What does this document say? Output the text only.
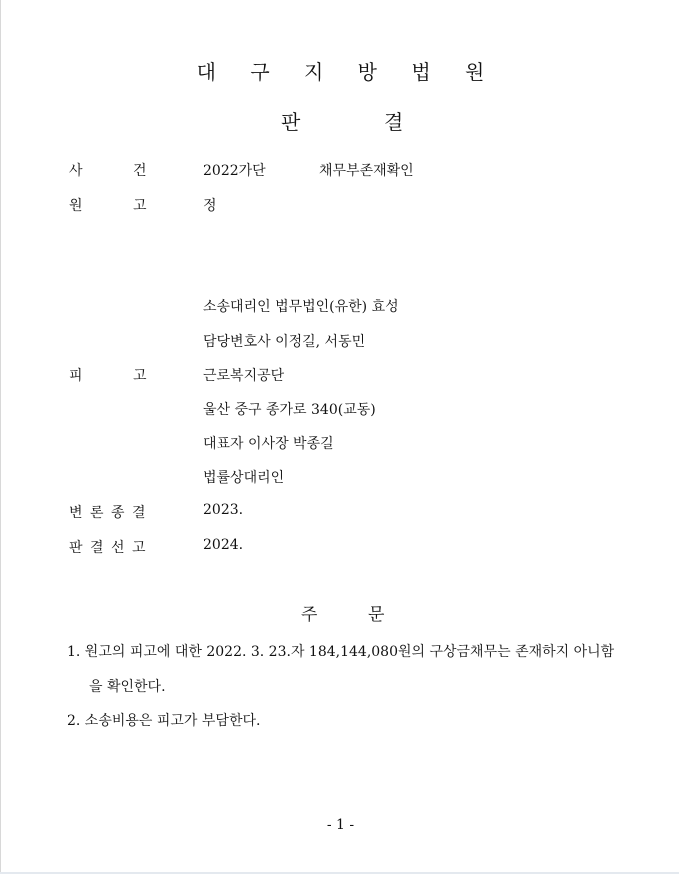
대 구 지 방 법 원
판	결
사	건	2022가단	채무부존재확인
원	고	정
소송대리인 법무법인(유한) 효성
담당변호사 이정길, 서동민
피	고	근로복지공단
울산 중구 종가로 340(교동)
대표자 이사장 박종길
법률상대리인
변 론 종 결	2023.
판 결 선 고	2024.
주	문
1. 원고의 피고에 대한 2022. 3. 23.자 184,144,080원의 구상금채무는 존재하지 아니함
을 확인한다.
2. 소송비용은 피고가 부담한다.
- 1 -
